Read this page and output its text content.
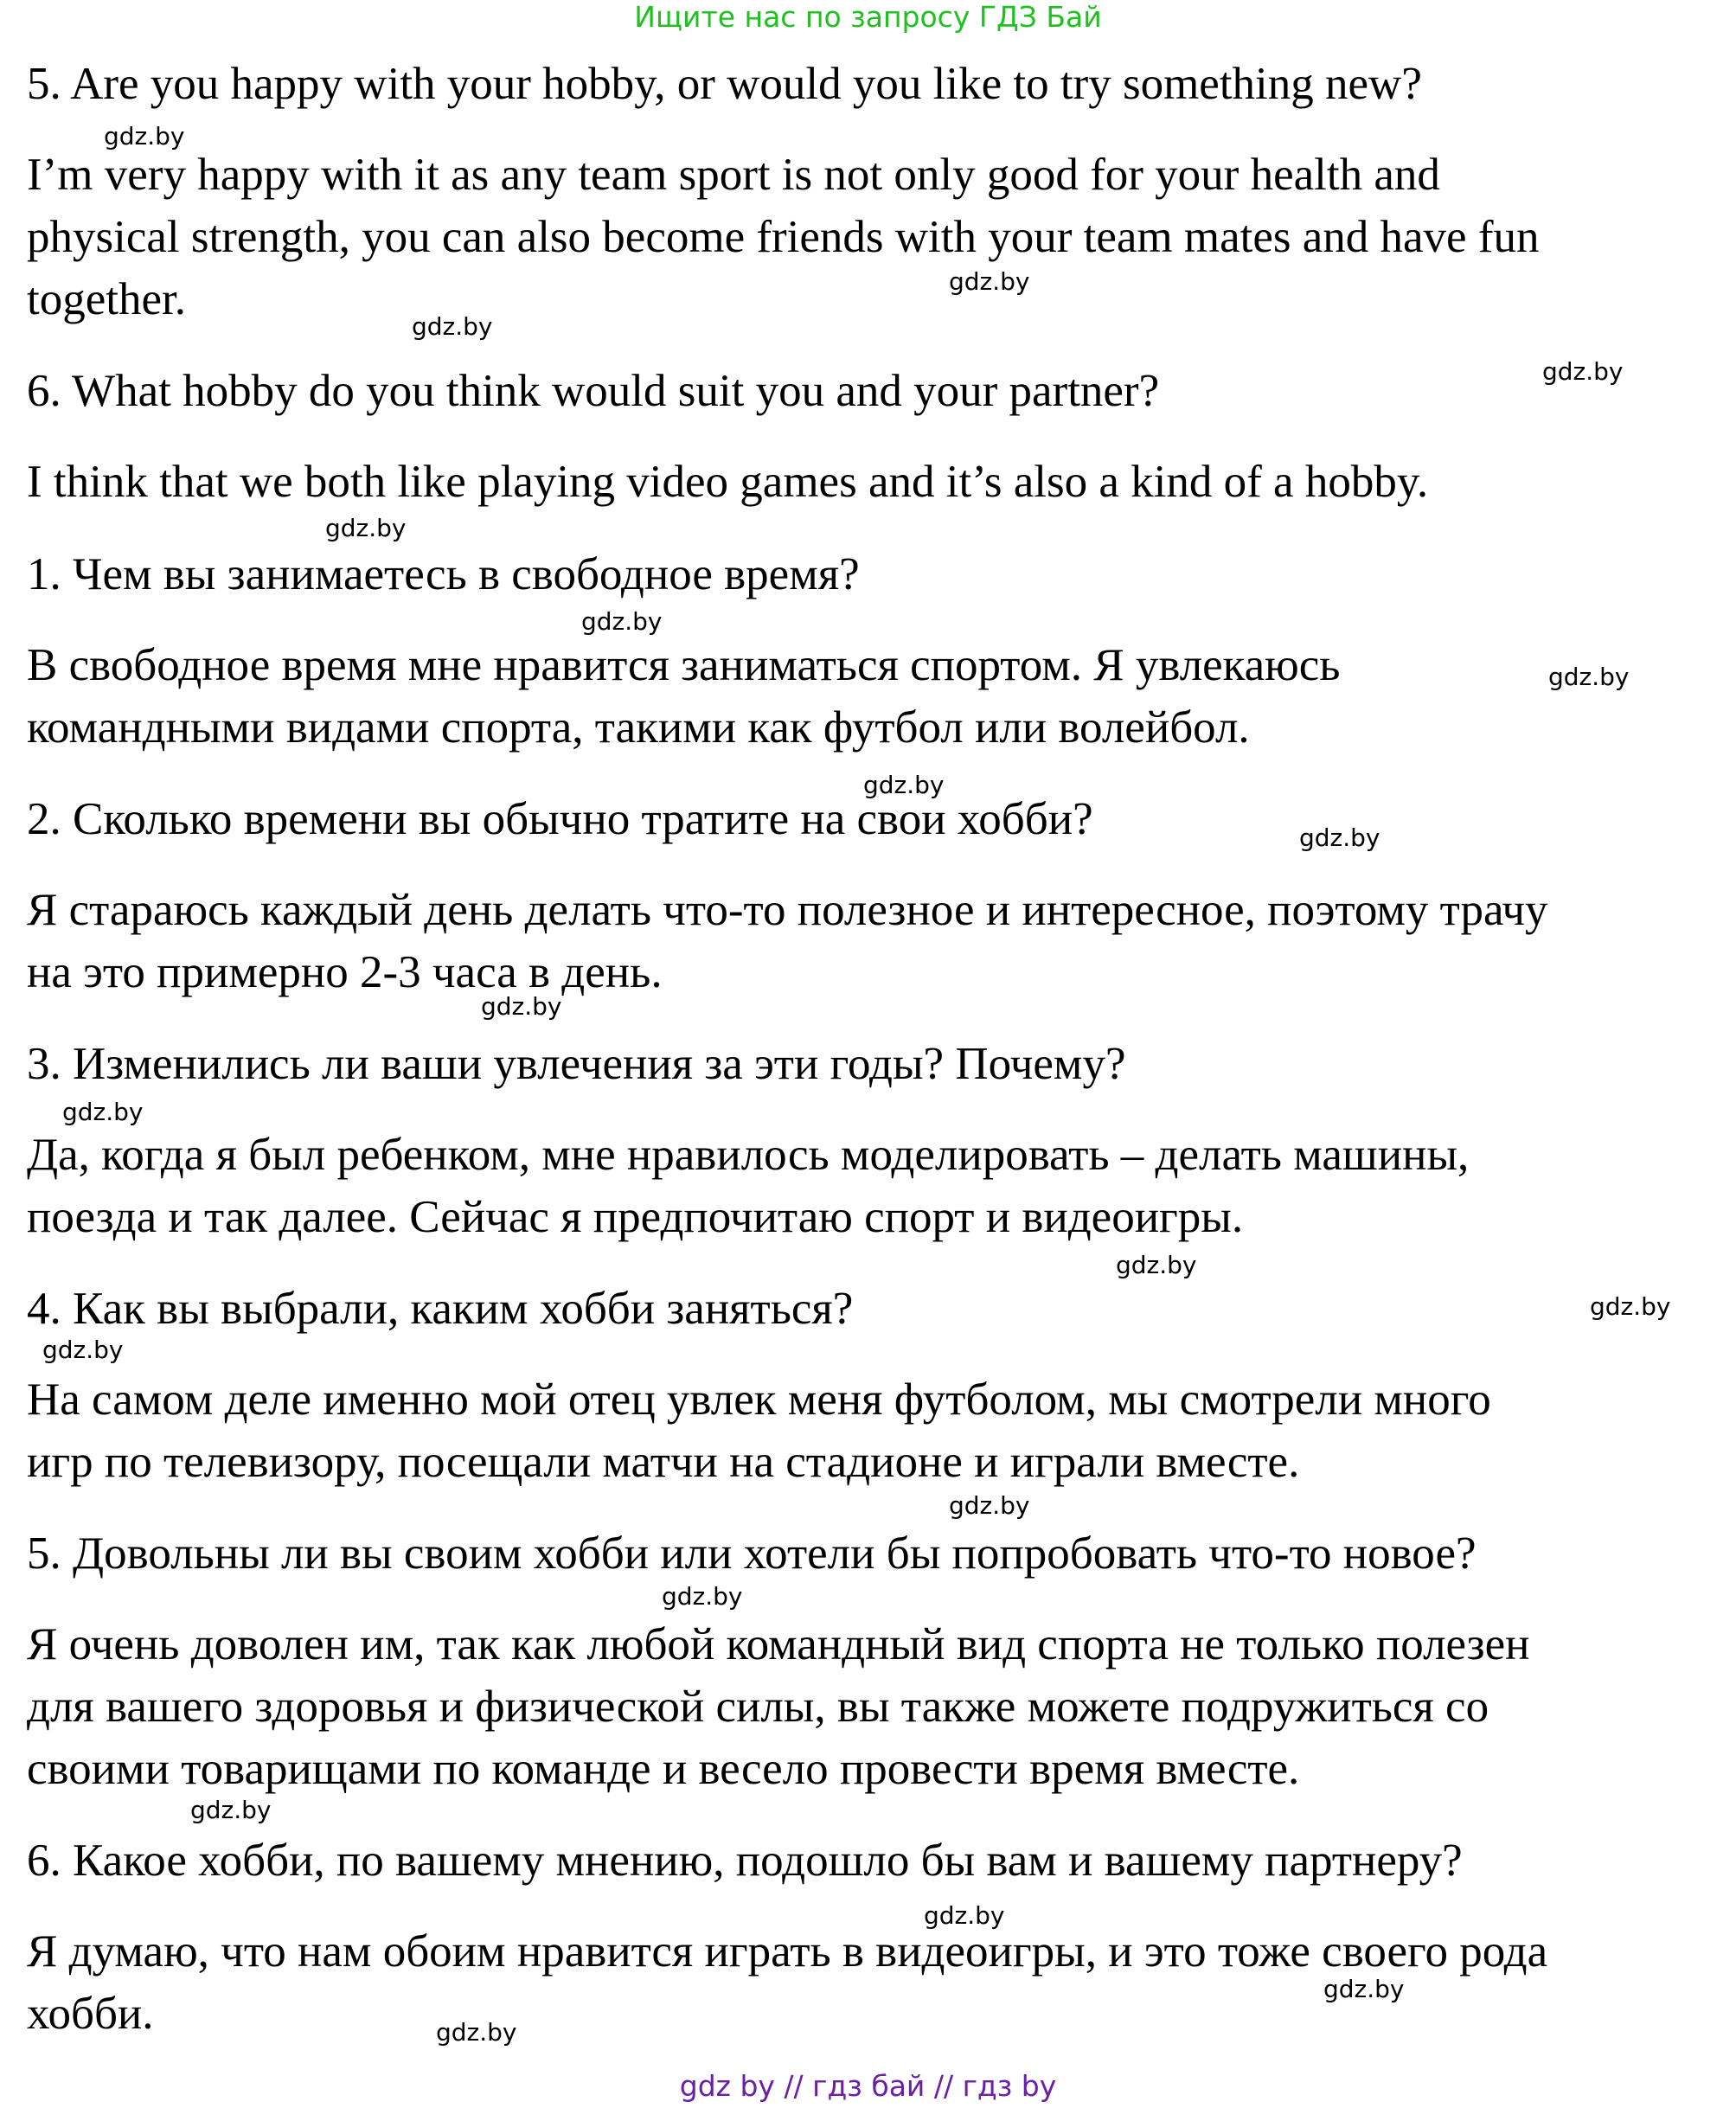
Ищите нас по запросу ГДЗ Бай
5. Are you happy with your hobby, or would you like to try something new?
I’m very happy with it as any team sport is not only good for your health and
physical strength, you can also become friends with your team mates and have fun
together.
6. What hobby do you think would suit you and your partner?
I think that we both like playing video games and it’s also a kind of a hobby.
1. Чем вы занимаетесь в свободное время?
В свободное время мне нравится заниматься спортом. Я увлекаюсь
командными видами спорта, такими как футбол или волейбол.
2. Сколько времени вы обычно тратите на свои хобби?
Я стараюсь каждый день делать что-то полезное и интересное, поэтому трачу
на это примерно 2-3 часа в день.
3. Изменились ли ваши увлечения за эти годы? Почему?
Да, когда я был ребенком, мне нравилось моделировать – делать машины,
поезда и так далее. Сейчас я предпочитаю спорт и видеоигры.
4. Как вы выбрали, каким хобби заняться?
На самом деле именно мой отец увлек меня футболом, мы смотрели много
игр по телевизору, посещали матчи на стадионе и играли вместе.
5. Довольны ли вы своим хобби или хотели бы попробовать что-то новое?
Я очень доволен им, так как любой командный вид спорта не только полезен
для вашего здоровья и физической силы, вы также можете подружиться со
своими товарищами по команде и весело провести время вместе.
6. Какое хобби, по вашему мнению, подошло бы вам и вашему партнеру?
Я думаю, что нам обоим нравится играть в видеоигры, и это тоже своего рода
хобби.
gdz.by
gdz.by
gdz.by
gdz.by
gdz.by
gdz.by
gdz.by
gdz.by
gdz.by
gdz.by
gdz.by
gdz.by
gdz.by
gdz.by
gdz.by
gdz.by
gdz.by
gdz.by
gdz.by
gdz.by
gdz by // гдз бай // гдз by
